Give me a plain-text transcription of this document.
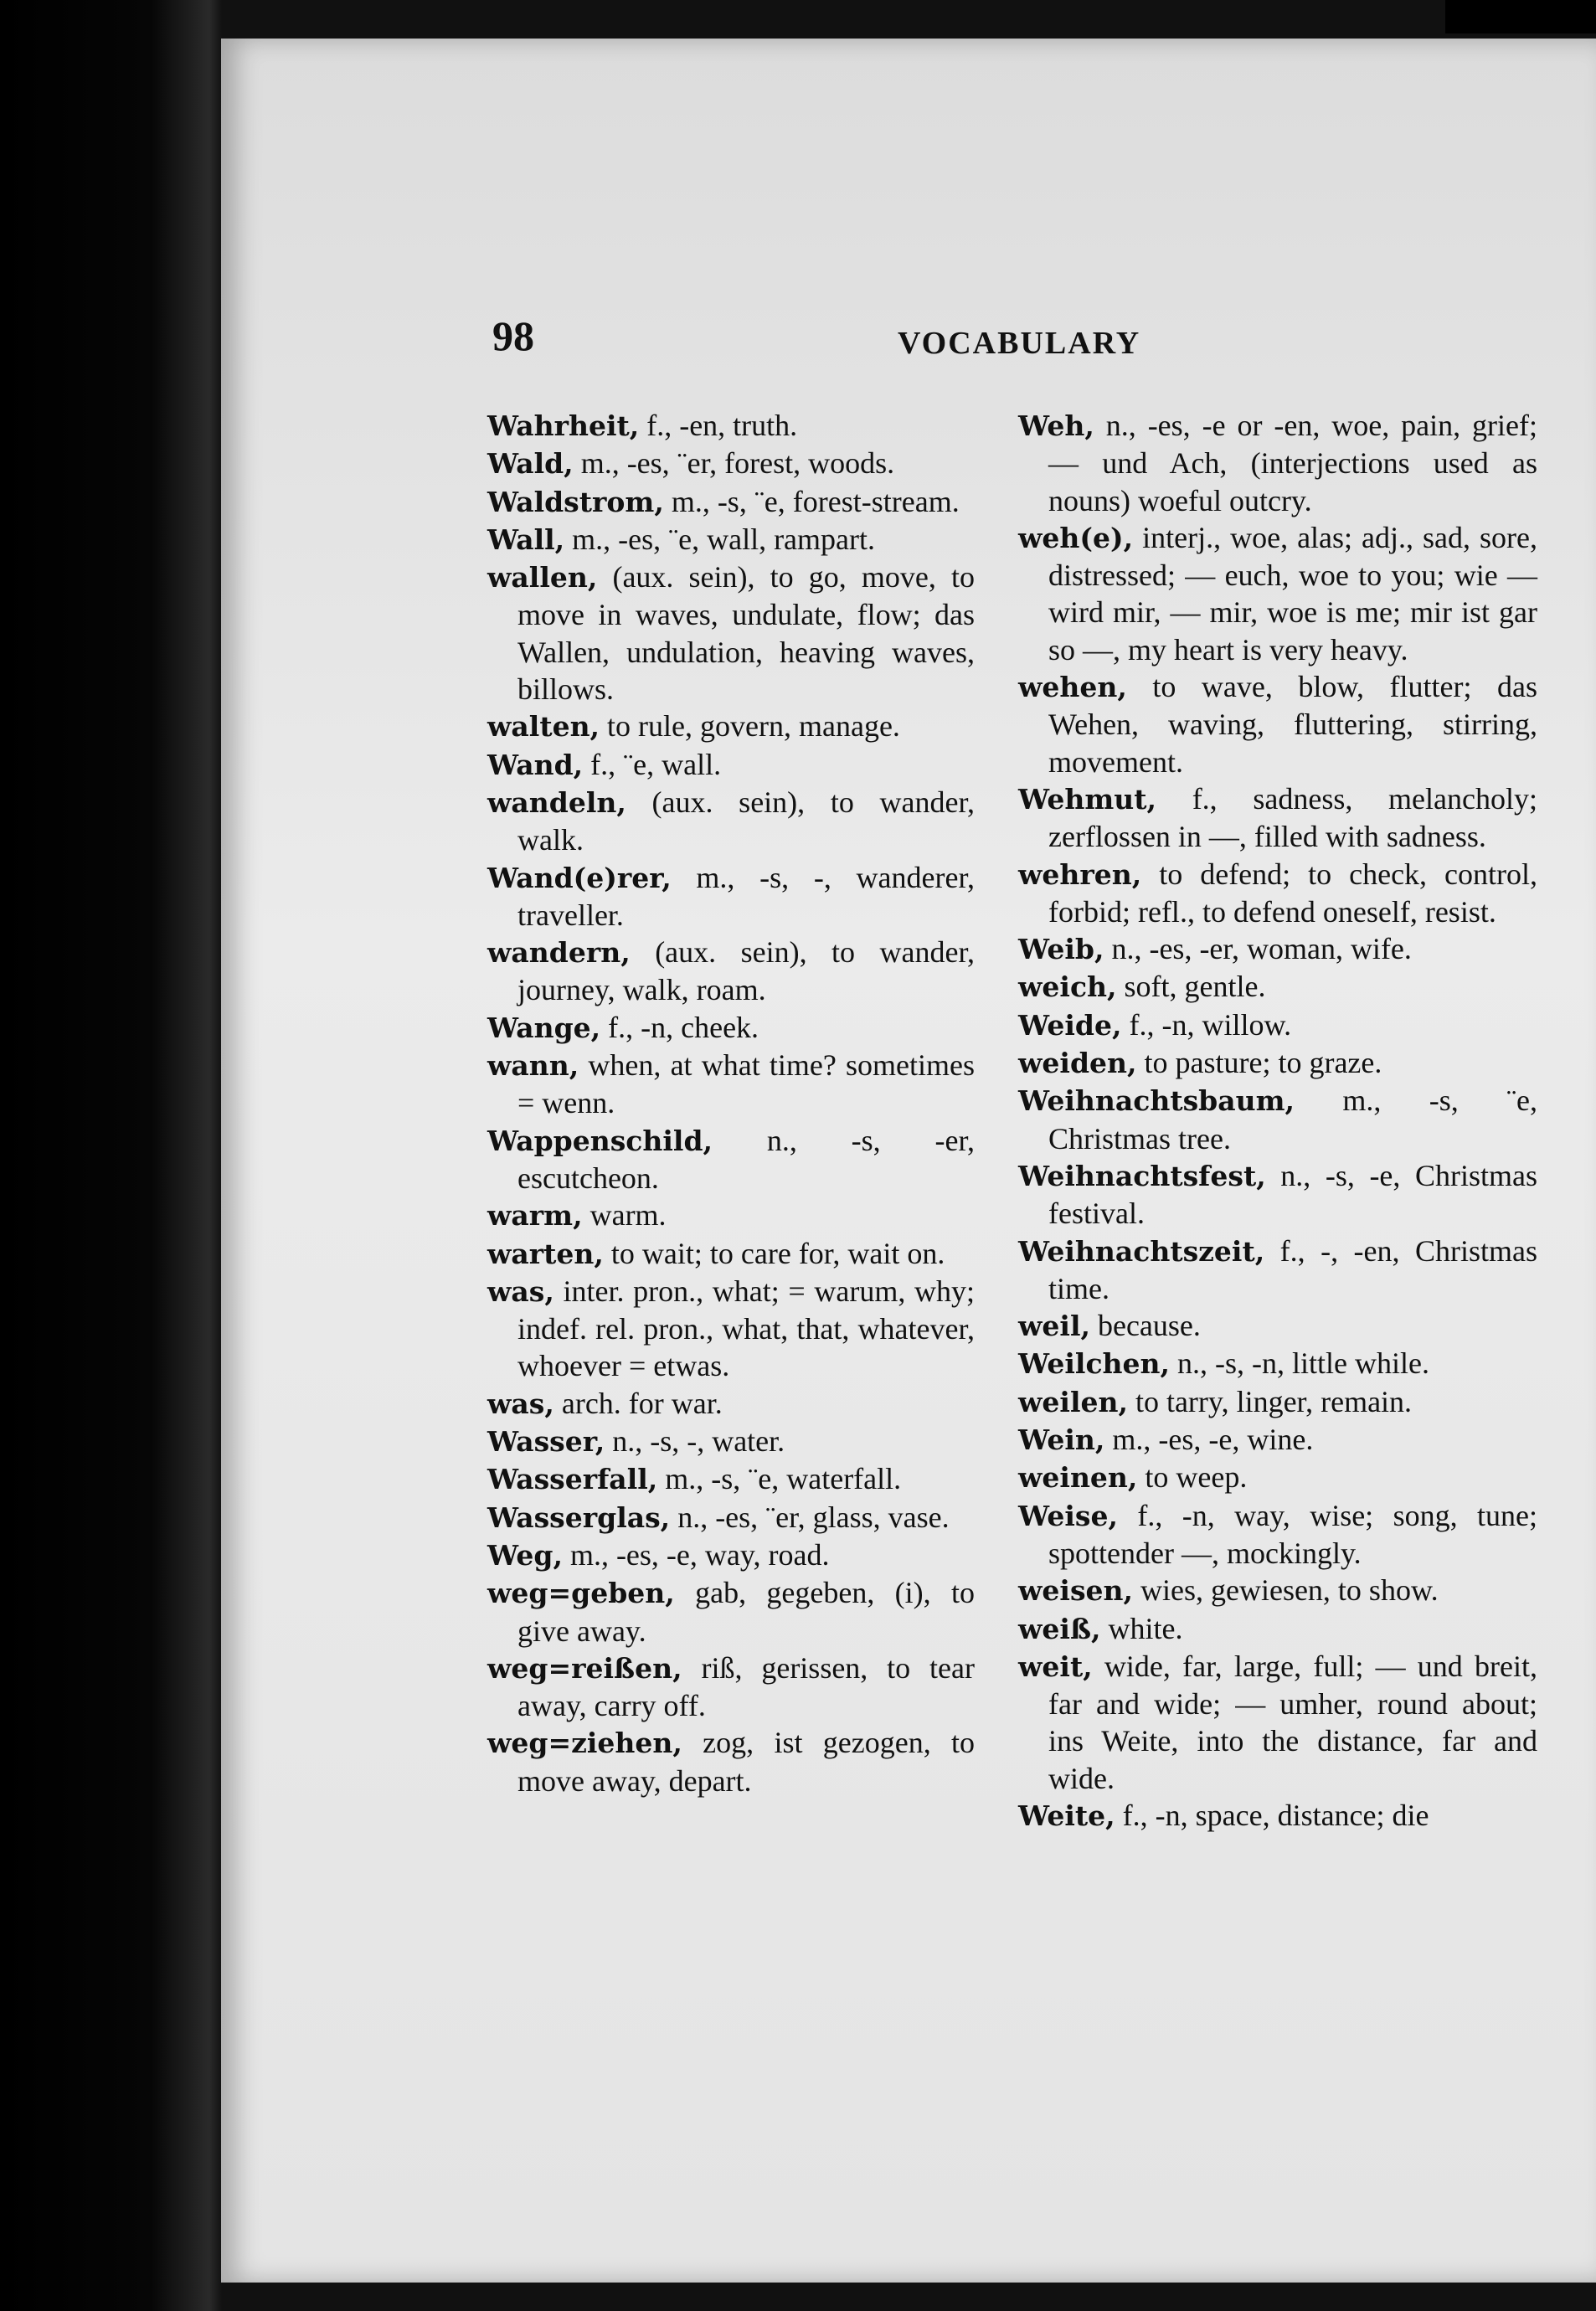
98	VOCABULARY

Wahrheit, f., -en, truth.

Wald, m., -es, ¨er, forest, woods.

Waldstrom, m., -s, ¨e, forest-stream.

Wall, m., -es, ¨e, wall, rampart.

wallen, (aux. sein), to go, move, to move in waves, undulate, flow; das Wallen, undulation, heaving waves, billows.

walten, to rule, govern, manage.

Wand, f., ¨e, wall.

wandeln, (aux. sein), to wander, walk.

Wand(e)rer, m., -s, -, wanderer, traveller.

wandern, (aux. sein), to wander, journey, walk, roam.

Wange, f., -n, cheek.

wann, when, at what time? sometimes = wenn.

Wappenschild, n., -s, -er, escutcheon.

warm, warm.

warten, to wait; to care for, wait on.

was, inter. pron., what; = warum, why; indef. rel. pron., what, that, whatever, whoever = etwas.

was, arch. for war.

Wasser, n., -s, -, water.

Wasserfall, m., -s, ¨e, waterfall.

Wasserglas, n., -es, ¨er, glass, vase.

Weg, m., -es, -e, way, road.

weg=geben, gab, gegeben, (i), to give away.

weg=reißen, riß, gerissen, to tear away, carry off.

weg=ziehen, zog, ist gezogen, to move away, depart.

Weh, n., -es, -e or -en, woe, pain, grief; — und Ach, (interjections used as nouns) woeful outcry.

weh(e), interj., woe, alas; adj., sad, sore, distressed; — euch, woe to you; wie — wird mir, — mir, woe is me; mir ist gar so —, my heart is very heavy.

wehen, to wave, blow, flutter; das Wehen, waving, fluttering, stirring, movement.

Wehmut, f., sadness, melancholy; zerflossen in —, filled with sadness.

wehren, to defend; to check, control, forbid; refl., to defend oneself, resist.

Weib, n., -es, -er, woman, wife.

weich, soft, gentle.

Weide, f., -n, willow.

weiden, to pasture; to graze.

Weihnachtsbaum, m., -s, ¨e, Christmas tree.

Weihnachtsfest, n., -s, -e, Christmas festival.

Weihnachtszeit, f., -, -en, Christmas time.

weil, because.

Weilchen, n., -s, -n, little while.

weilen, to tarry, linger, remain.

Wein, m., -es, -e, wine.

weinen, to weep.

Weise, f., -n, way, wise; song, tune; spottender —, mockingly.

weisen, wies, gewiesen, to show.

weiß, white.

weit, wide, far, large, full; — und breit, far and wide; — umher, round about; ins Weite, into the distance, far and wide.

Weite, f., -n, space, distance; die
